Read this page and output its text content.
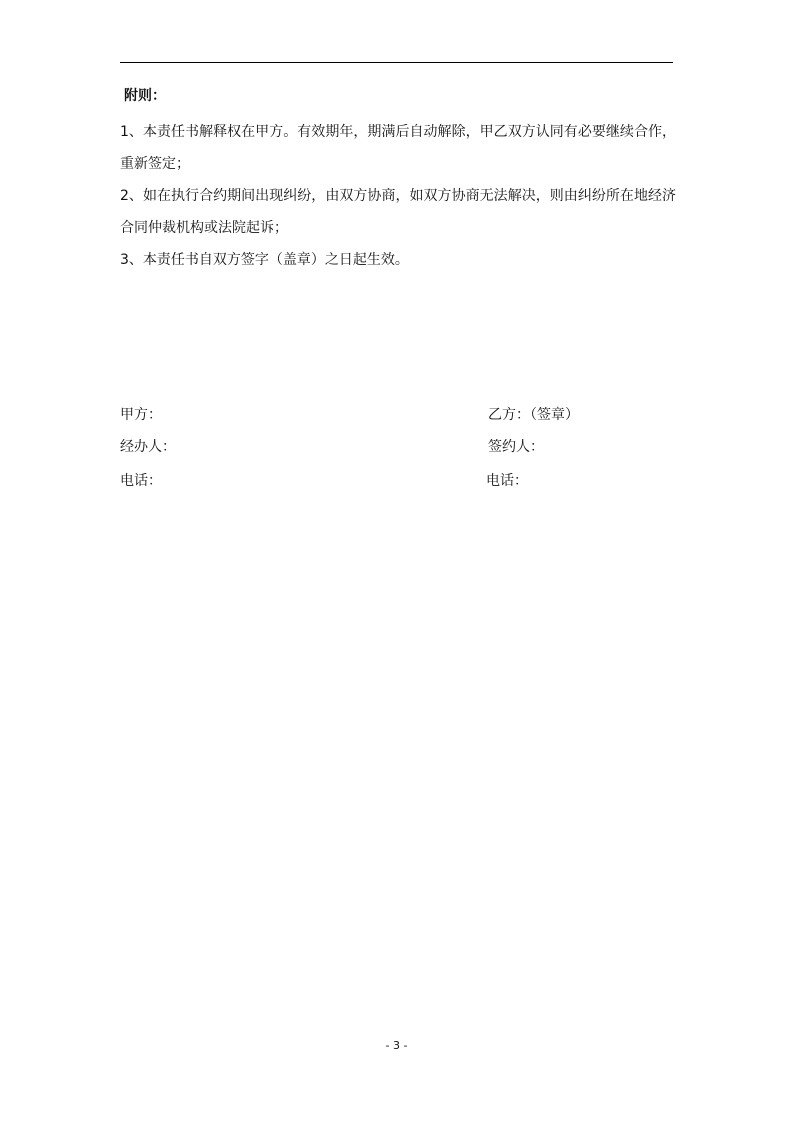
附则：
1、本责任书解释权在甲方。有效期年，期满后自动解除，甲乙双方认同有必要继续合作，重新签定；
2、如在执行合约期间出现纠纷，由双方协商，如双方协商无法解决，则由纠纷所在地经济合同仲裁机构或法院起诉；
3、本责任书自双方签字（盖章）之日起生效。
甲方：
经办人：
电话：
乙方：（签章）
签约人：
电话：
- 3 -
